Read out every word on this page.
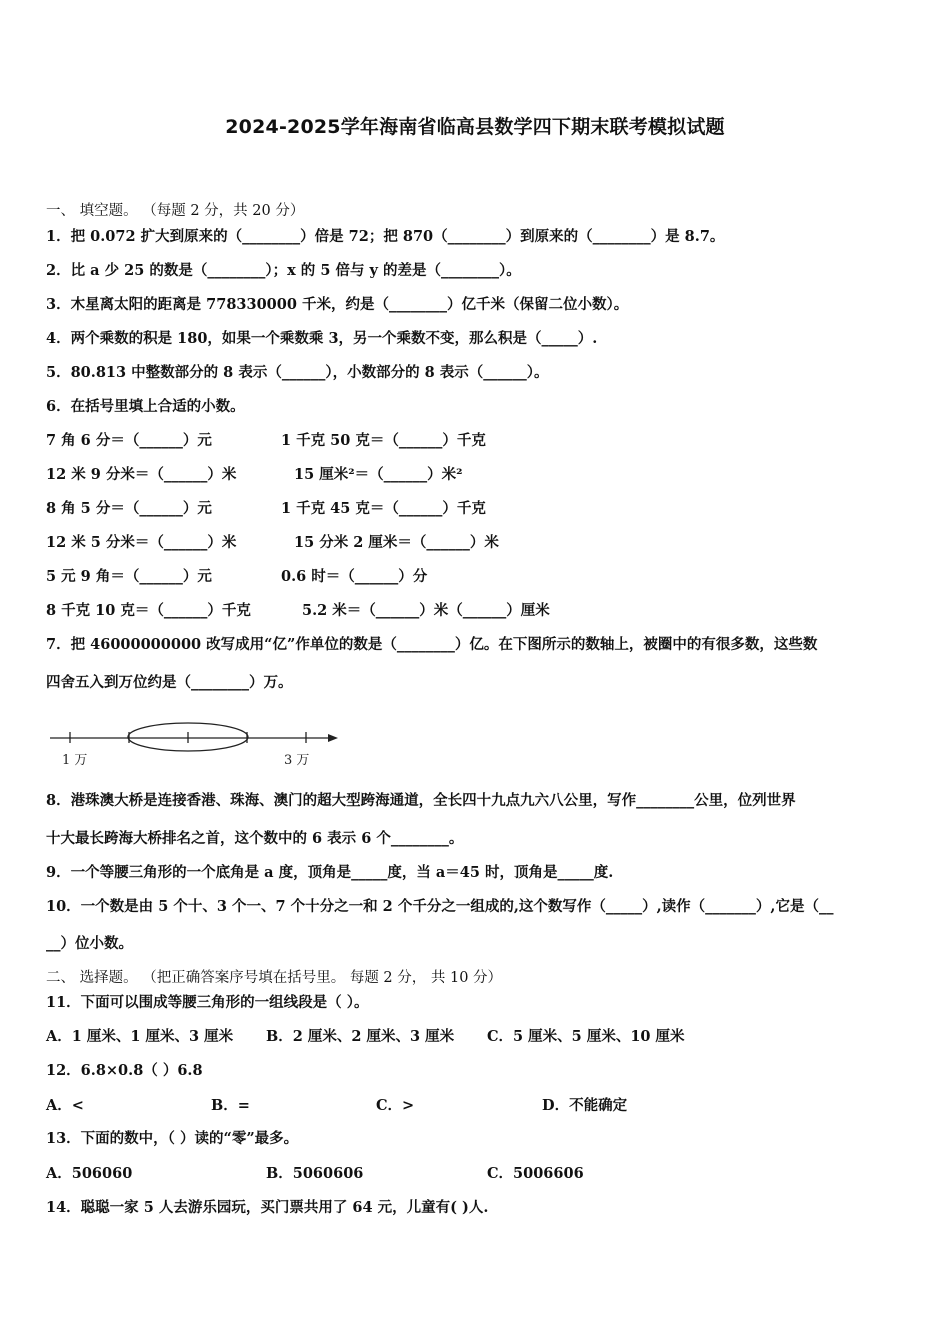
2024-2025学年海南省临高县数学四下期末联考模拟试题
一、 填空题。 （每题 2 分，共 20 分）
1．把 0.072 扩大到原来的（________）倍是 72；把 870（________）到原来的（________）是 8.7。
2．比 a 少 25 的数是（________）；x 的 5 倍与 y 的差是（________）。
3．木星离太阳的距离是 778330000 千米，约是（________）亿千米（保留二位小数）。
4．两个乘数的积是 180，如果一个乘数乘 3，另一个乘数不变，那么积是（_____）.
5．80.813 中整数部分的 8 表示（______），小数部分的 8 表示（______）。
6．在括号里填上合适的小数。
7 角 6 分＝（______）元	1 千克 50 克＝（______）千克
12 米 9 分米＝（______）米	15 厘米²＝（______）米²
8 角 5 分＝（______）元	1 千克 45 克＝（______）千克
12 米 5 分米＝（______）米	15 分米 2 厘米＝（______）米
5 元 9 角＝（______）元	0.6 时＝（______）分
8 千克 10 克＝（______）千克	5.2 米＝（______）米（______）厘米
7．把 46000000000 改写成用“亿”作单位的数是（________）亿。在下图所示的数轴上，被圈中的有很多数，这些数
四舍五入到万位约是（________）万。
1 万	3 万
8．港珠澳大桥是连接香港、珠海、澳门的超大型跨海通道，全长四十九点九六八公里，写作________公里，位列世界
十大最长跨海大桥排名之首，这个数中的 6 表示 6 个________。
9．一个等腰三角形的一个底角是 a 度，顶角是_____度，当 a＝45 时，顶角是_____度.
10．一个数是由 5 个十、3 个一、7 个十分之一和 2 个千分之一组成的,这个数写作（_____）,读作（_______）,它是（__
__）位小数。
二、 选择题。 （把正确答案序号填在括号里。 每题 2 分， 共 10 分）
11．下面可以围成等腰三角形的一组线段是（ ）。
A．1 厘米、1 厘米、3 厘米 B．2 厘米、2 厘米、3 厘米 C．5 厘米、5 厘米、10 厘米
12．6.8×0.8（ ）6.8
A．<	B．=	C．>	D．不能确定
13．下面的数中，（ ）读的“零”最多。
A．506060	B．5060606	C．5006606
14．聪聪一家 5 人去游乐园玩，买门票共用了 64 元，儿童有( )人.
